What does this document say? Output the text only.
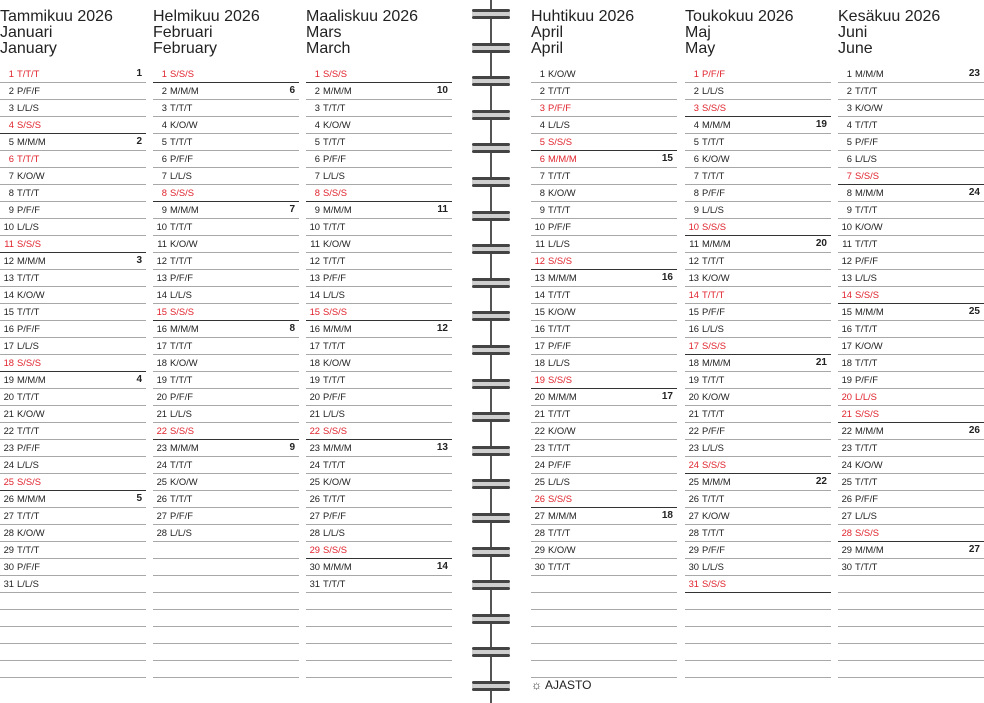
Tammikuu 2026
Januari
January
1 T/T/T	1
2 P/F/F
3 L/L/S
4 S/S/S
5 M/M/M	2
6 T/T/T
7 K/O/W
8 T/T/T
9 P/F/F
10 L/L/S
11 S/S/S
12 M/M/M	3
13 T/T/T
14 K/O/W
15 T/T/T
16 P/F/F
17 L/L/S
18 S/S/S
19 M/M/M	4
20 T/T/T
21 K/O/W
22 T/T/T
23 P/F/F
24 L/L/S
25 S/S/S
26 M/M/M	5
27 T/T/T
28 K/O/W
29 T/T/T
30 P/F/F
31 L/L/S
Helmikuu 2026
Februari
February
1 S/S/S
2 M/M/M	6
3 T/T/T
4 K/O/W
5 T/T/T
6 P/F/F
7 L/L/S
8 S/S/S
9 M/M/M	7
10 T/T/T
11 K/O/W
12 T/T/T
13 P/F/F
14 L/L/S
15 S/S/S
16 M/M/M	8
17 T/T/T
18 K/O/W
19 T/T/T
20 P/F/F
21 L/L/S
22 S/S/S
23 M/M/M	9
24 T/T/T
25 K/O/W
26 T/T/T
27 P/F/F
28 L/L/S
Maaliskuu 2026
Mars
March
1 S/S/S
2 M/M/M	10
3 T/T/T
4 K/O/W
5 T/T/T
6 P/F/F
7 L/L/S
8 S/S/S
9 M/M/M	11
10 T/T/T
11 K/O/W
12 T/T/T
13 P/F/F
14 L/L/S
15 S/S/S
16 M/M/M	12
17 T/T/T
18 K/O/W
19 T/T/T
20 P/F/F
21 L/L/S
22 S/S/S
23 M/M/M	13
24 T/T/T
25 K/O/W
26 T/T/T
27 P/F/F
28 L/L/S
29 S/S/S
30 M/M/M	14
31 T/T/T
Huhtikuu 2026
April
April
1 K/O/W
2 T/T/T
3 P/F/F
4 L/L/S
5 S/S/S
6 M/M/M	15
7 T/T/T
8 K/O/W
9 T/T/T
10 P/F/F
11 L/L/S
12 S/S/S
13 M/M/M	16
14 T/T/T
15 K/O/W
16 T/T/T
17 P/F/F
18 L/L/S
19 S/S/S
20 M/M/M	17
21 T/T/T
22 K/O/W
23 T/T/T
24 P/F/F
25 L/L/S
26 S/S/S
27 M/M/M	18
28 T/T/T
29 K/O/W
30 T/T/T
Toukokuu 2026
Maj
May
1 P/F/F
2 L/L/S
3 S/S/S
4 M/M/M	19
5 T/T/T
6 K/O/W
7 T/T/T
8 P/F/F
9 L/L/S
10 S/S/S
11 M/M/M	20
12 T/T/T
13 K/O/W
14 T/T/T
15 P/F/F
16 L/L/S
17 S/S/S
18 M/M/M	21
19 T/T/T
20 K/O/W
21 T/T/T
22 P/F/F
23 L/L/S
24 S/S/S
25 M/M/M	22
26 T/T/T
27 K/O/W
28 T/T/T
29 P/F/F
30 L/L/S
31 S/S/S
Kesäkuu 2026
Juni
June
1 M/M/M	23
2 T/T/T
3 K/O/W
4 T/T/T
5 P/F/F
6 L/L/S
7 S/S/S
8 M/M/M	24
9 T/T/T
10 K/O/W
11 T/T/T
12 P/F/F
13 L/L/S
14 S/S/S
15 M/M/M	25
16 T/T/T
17 K/O/W
18 T/T/T
19 P/F/F
20 L/L/S
21 S/S/S
22 M/M/M	26
23 T/T/T
24 K/O/W
25 T/T/T
26 P/F/F
27 L/L/S
28 S/S/S
29 M/M/M	27
30 T/T/T
☼ AJASTO
